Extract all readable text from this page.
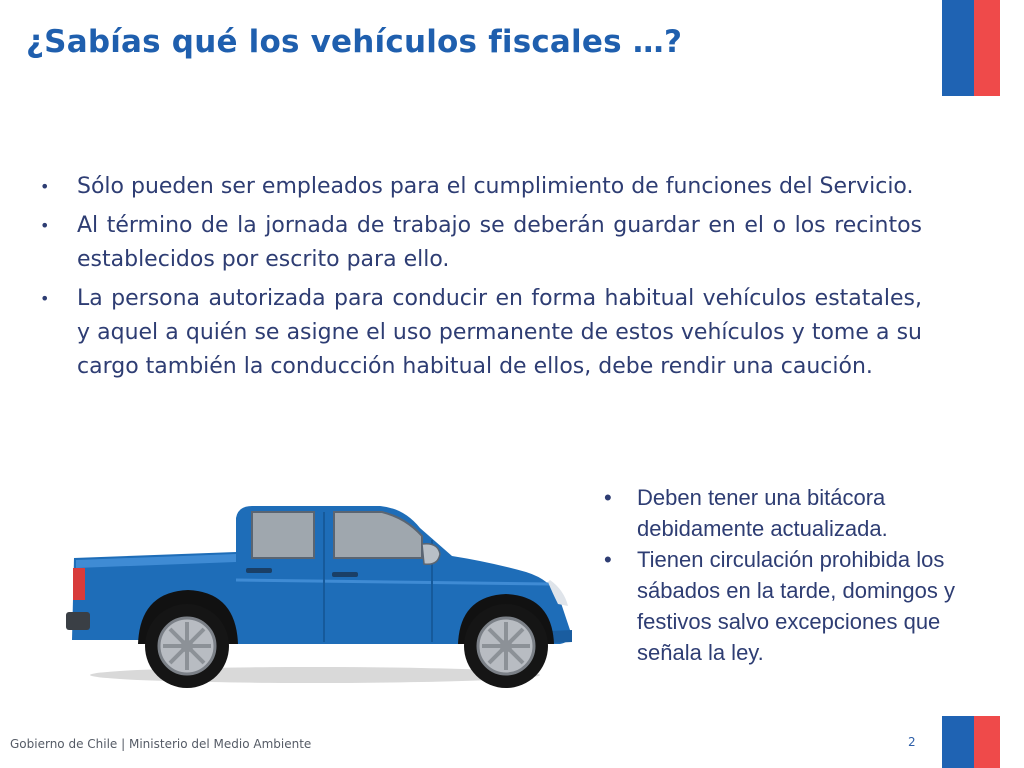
¿Sabías qué los vehículos fiscales …?
• Sólo pueden ser empleados para el cumplimiento de funciones del Servicio.
• Al término de la jornada de trabajo se deberán guardar en el o los recintos establecidos por escrito para ello.
• La persona autorizada para conducir en forma habitual vehículos estatales, y aquel a quién se asigne el uso permanente de estos vehículos y tome a su cargo también la conducción habitual de ellos, debe rendir una caución.
• Deben tener una bitácora debidamente actualizada.
• Tienen circulación prohibida los sábados en la tarde, domingos y festivos salvo excepciones que señala la ley.
Gobierno de Chile | Ministerio del Medio Ambiente	2
